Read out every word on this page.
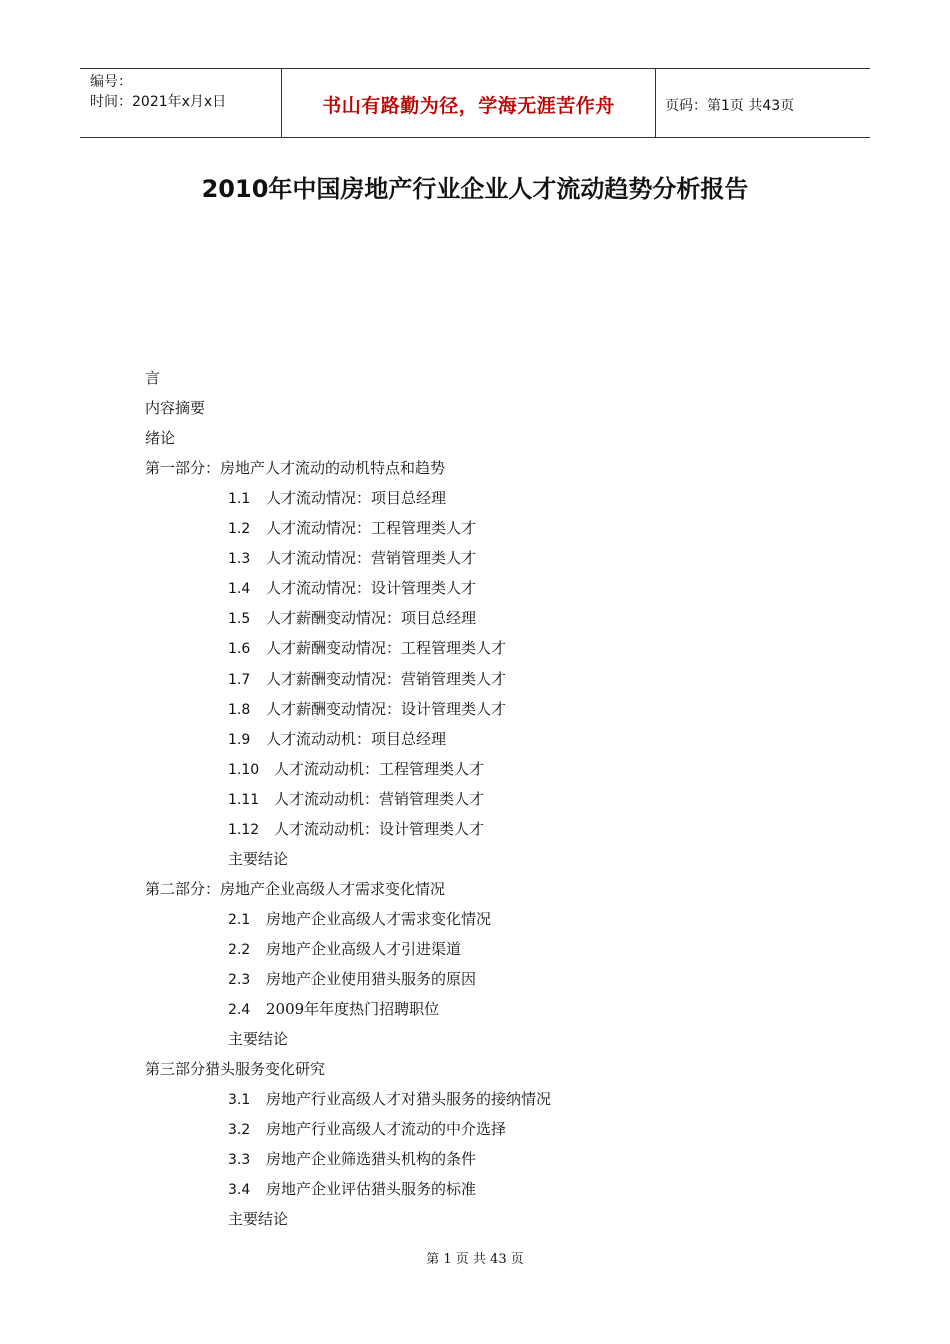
编号：
时间：2021年x月x日	书山有路勤为径，学海无涯苦作舟	页码：第1页 共43页
2010年中国房地产行业企业人才流动趋势分析报告
言
内容摘要
绪论
第一部分：房地产人才流动的动机特点和趋势
1.1 人才流动情况：项目总经理
1.2 人才流动情况：工程管理类人才
1.3 人才流动情况：营销管理类人才
1.4 人才流动情况：设计管理类人才
1.5 人才薪酬变动情况：项目总经理
1.6 人才薪酬变动情况：工程管理类人才
1.7 人才薪酬变动情况：营销管理类人才
1.8 人才薪酬变动情况：设计管理类人才
1.9 人才流动动机：项目总经理
1.10 人才流动动机：工程管理类人才
1.11 人才流动动机：营销管理类人才
1.12 人才流动动机：设计管理类人才
主要结论
第二部分：房地产企业高级人才需求变化情况
2.1 房地产企业高级人才需求变化情况
2.2 房地产企业高级人才引进渠道
2.3 房地产企业使用猎头服务的原因
2.4 2009年年度热门招聘职位
主要结论
第三部分猎头服务变化研究
3.1 房地产行业高级人才对猎头服务的接纳情况
3.2 房地产行业高级人才流动的中介选择
3.3 房地产企业筛选猎头机构的条件
3.4 房地产企业评估猎头服务的标准
主要结论
第 1 页 共 43 页
